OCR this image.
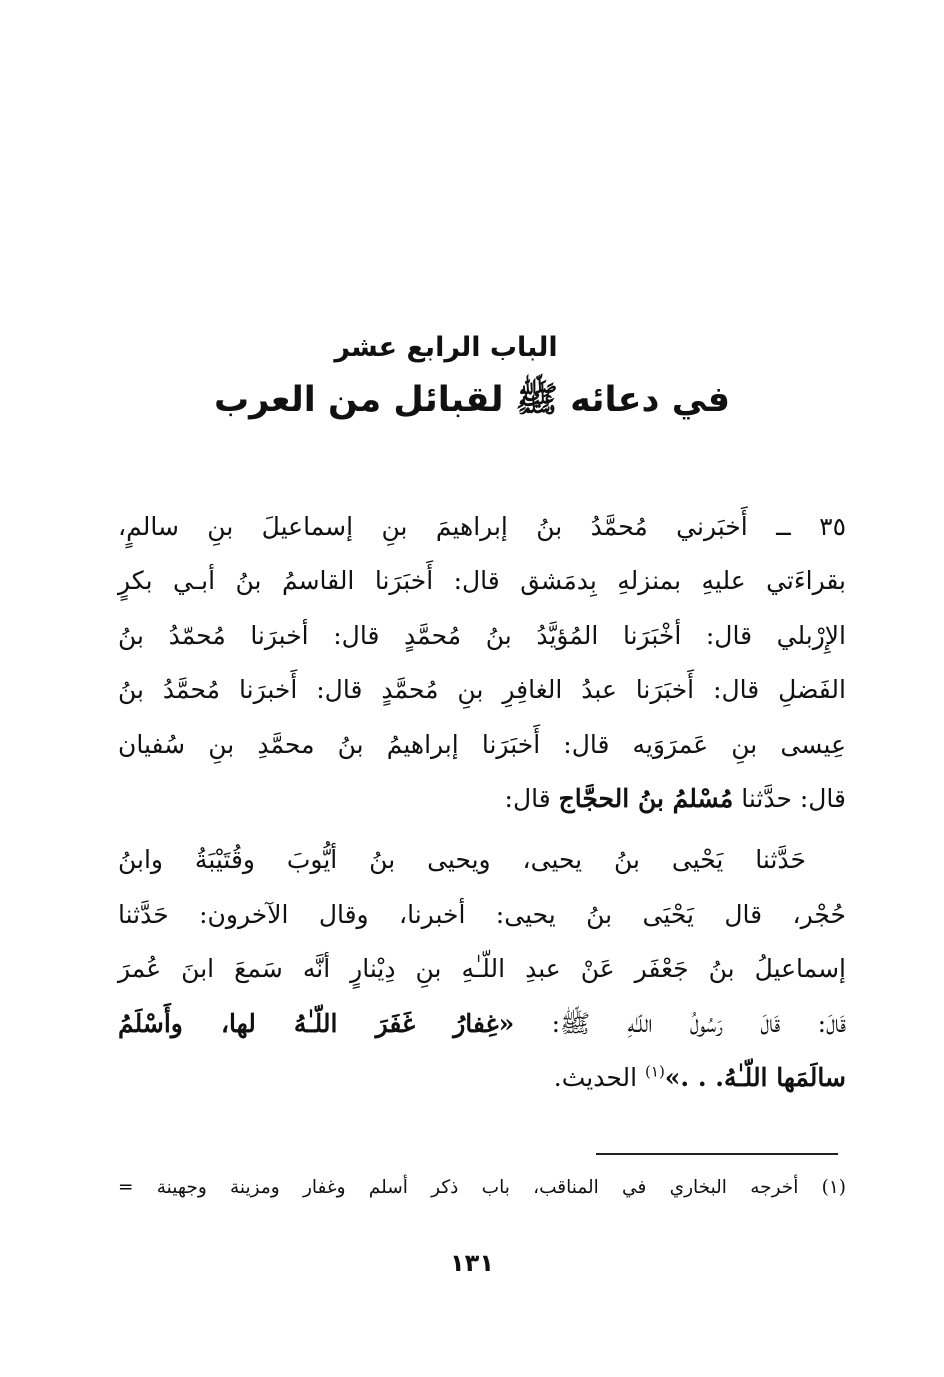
الباب الرابع عشر
في دعائه ﷺ لقبائل من العرب
٣٥ ــ أَخبَرني مُحمَّدُ بنُ إبراهيمَ بنِ إسماعيلَ بنِ سالمٍ،
بقراءَتي عليهِ بمنزلهِ بِدمَشق قال: أَخبَرَنا القاسمُ بنُ أبـي بكرٍ
الإِرْبلي قال: أخْبَرَنا المُؤيَّدُ بنُ مُحمَّدٍ قال: أخبرَنا مُحمّدُ بنُ
الفَضلِ قال: أَخبَرَنا عبدُ الغافِرِ بنِ مُحمَّدٍ قال: أَخبرَنا مُحمَّدُ بنُ
عِيسى بنِ عَمرَوَيه قال: أَخبَرَنا إبراهيمُ بنُ محمَّدِ بنِ سُفيان
قال: حدَّثنا مُسْلمُ بنُ الحجَّاج قال:
حَدَّثنا يَحْيى بنُ يحيى، ويحيى بنُ أيُّوبَ وقُتَيْبَةُ وابنُ
حُجْر، قال يَحْيَى بنُ يحيى: أخبرنا، وقال الآخرون: حَدَّثنا
إسماعيلُ بنُ جَعْفَر عَنْ عبدِ اللّـٰهِ بنِ دِيْنارٍ أنَّه سَمعَ ابنَ عُمرَ
قَالَ: قَالَ رَسُولُ اللّـٰهِ ﷺ: «غِفارُ غَفَرَ اللّـٰهُ لها، وأَسْلَمُ
سالَمَها اللّـٰهُ. . .»$^{(١)}$ الحديث.
(١) أخرجه البخاري في المناقب، باب ذكر أسلم وغفار ومزينة وجهينة =
١٣١
